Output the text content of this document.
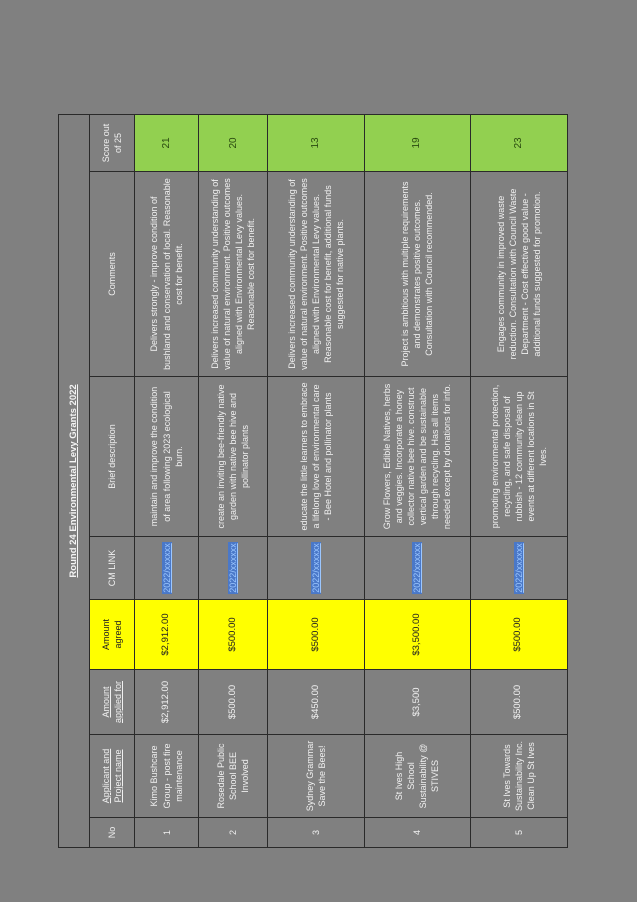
Round 24 Environmental Levy Grants 2022							
No	Applicant and Project name	Amount applied for	Amount agreed	CM LINK	Brief description	Comments	Score out of 25
1	Kimo Bushcare Group - post fire maintenance	$2,912.00	$2,912.00	2022/xxxxxx	maintain and improve the condition of area following 2023 ecological burn.	Delivers strongly - improve condition of bushland and conservation of local. Reasonable cost for benefit.	21
2	Rosedale Public School BEE Involved	$500.00	$500.00	2022/xxxxxx	create an inviting bee-friendly native garden with native bee hive and pollinator plants	Delivers increased community understanding of value of natural environment. Positive outcomes aligned with Environmental Levy values. Reasonable cost for benefit.	20
3	Sydney Grammar Save the Bees!	$450.00	$500.00	2022/xxxxxx	educate the little learners to embrace a lifelong love of environmental care - Bee Hotel and pollinator plants	Delivers increased community understanding of value of natural environment. Positive outcomes aligned with Environmental Levy values. Reasonable cost for benefit, additional funds suggested for native plants.	13
4	St Ives High School Sustainability @ STIVES	$3,500	$3,500.00	2022/xxxxxx	Grow Flowers, Edible Natives, herbs and veggies. Incorporate a honey collector native bee hive. construct vertical garden and be sustainable through recycling. Has all items needed except by donations for info.	Project is ambitious with multiple requirements and demonstrates positive outcomes. Consultation with Council recommended.	19
5	St Ives Towards Sustainability Inc. Clean Up St Ives	$500.00	$500.00	2022/xxxxxx	promoting environmental protection, recycling, and safe disposal of rubbish - 12 community clean up events at different locations in St Ives.	Engages community in improved waste reduction. Consultation with Council Waste Department - Cost effective good value - additional funds suggested for promotion.	23
